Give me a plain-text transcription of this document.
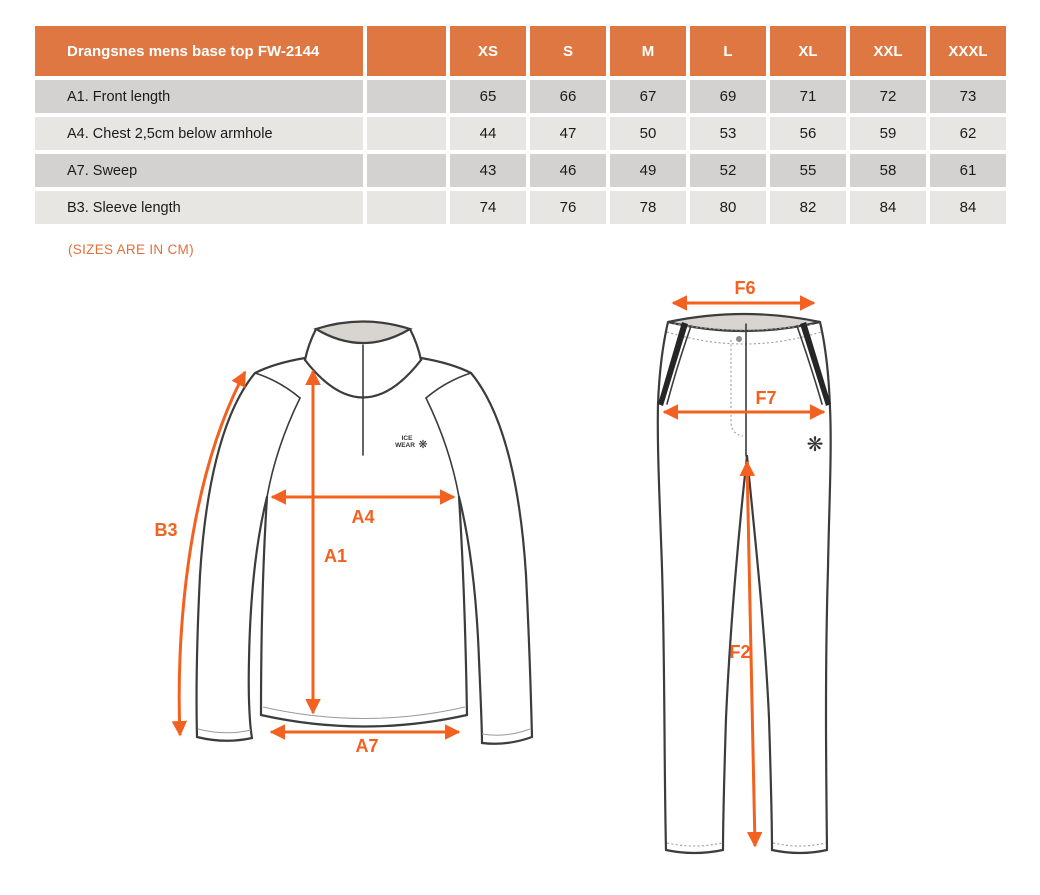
Drangsnes mens base top FW-2144	XS	S	M	L	XL	XXL	XXXL
A1. Front length	65	66	67	69	71	72	73
A4. Chest 2,5cm below armhole	44	47	50	53	56	59	62
A7. Sweep	43	46	49	52	55	58	61
B3. Sleeve length	74	76	78	80	82	84	84
(SIZES ARE IN CM)
ICE
WEAR ❋
B3
A1
A4
A7
❋
F6
F7
F2
